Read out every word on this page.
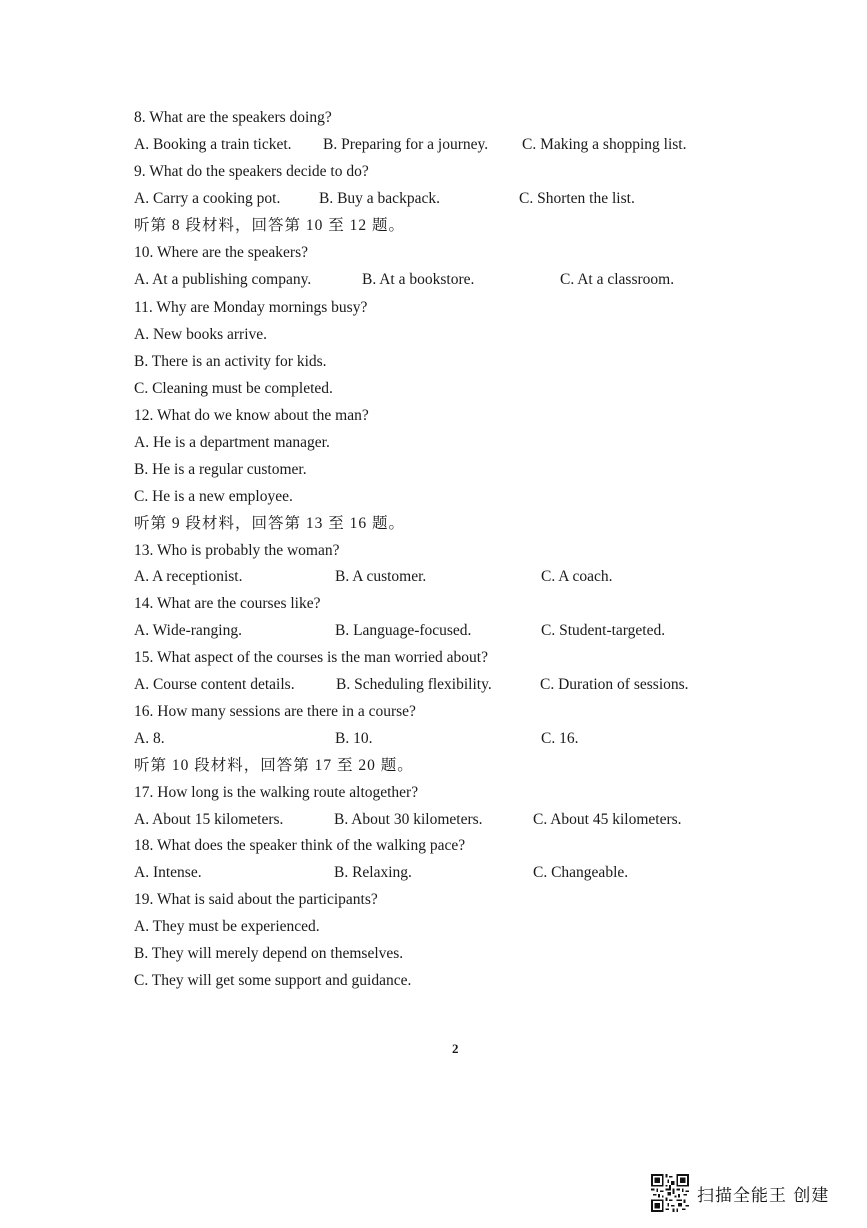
8. What are the speakers doing?
A. Booking a train ticket. B. Preparing for a journey. C. Making a shopping list.
9. What do the speakers decide to do?
A. Carry a cooking pot. B. Buy a backpack.	C. Shorten the list.
听第 8 段材料，回答第 10 至 12 题。
10. Where are the speakers?
A. At a publishing company.	B. At a bookstore.	C. At a classroom.
11. Why are Monday mornings busy?
A. New books arrive.
B. There is an activity for kids.
C. Cleaning must be completed.
12. What do we know about the man?
A. He is a department manager.
B. He is a regular customer.
C. He is a new employee.
听第 9 段材料，回答第 13 至 16 题。
13. Who is probably the woman?
A. A receptionist.	B. A customer.	C. A coach.
14. What are the courses like?
A. Wide-ranging.	B. Language-focused.	C. Student-targeted.
15. What aspect of the courses is the man worried about?
A. Course content details.	B. Scheduling flexibility.	C. Duration of sessions.
16. How many sessions are there in a course?
A. 8.	B. 10.	C. 16.
听第 10 段材料，回答第 17 至 20 题。
17. How long is the walking route altogether?
A. About 15 kilometers.	B. About 30 kilometers.	C. About 45 kilometers.
18. What does the speaker think of the walking pace?
A. Intense.	B. Relaxing.	C. Changeable.
19. What is said about the participants?
A. They must be experienced.
B. They will merely depend on themselves.
C. They will get some support and guidance.
2
扫描全能王 创建
